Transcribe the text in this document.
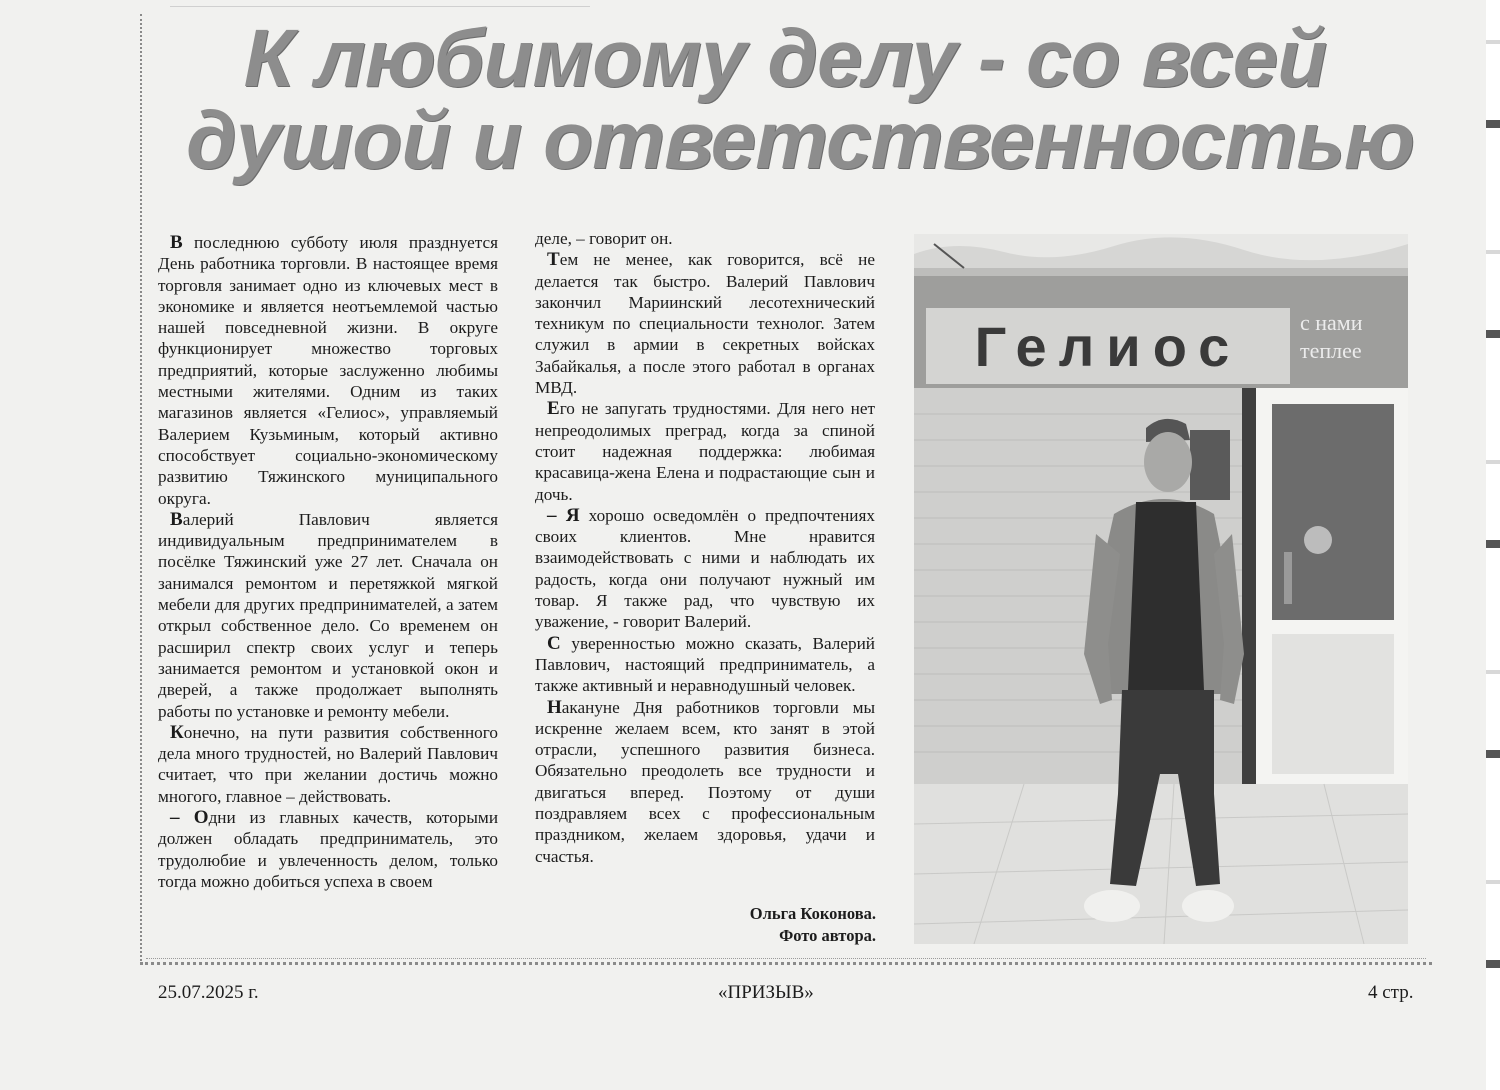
К любимому делу - со всей
душой и ответственностью

В последнюю субботу июля празднуется День работника торговли. В настоящее время торговля занимает одно из ключевых мест в экономике и является неотъемлемой частью нашей повседневной жизни. В округе функционирует множество торговых предприятий, которые заслуженно любимы местными жителями. Одним из таких магазинов является «Гелиос», управляемый Валерием Кузьминым, который активно способствует социально-экономическому развитию Тяжинского муниципального округа.

Валерий Павлович является индивидуальным предпринимателем в посёлке Тяжинский уже 27 лет. Сначала он занимался ремонтом и перетяжкой мягкой мебели для других предпринимателей, а затем открыл собственное дело. Со временем он расширил спектр своих услуг и теперь занимается ремонтом и установкой окон и дверей, а также продолжает выполнять работы по установке и ремонту мебели.

Конечно, на пути развития собственного дела много трудностей, но Валерий Павлович считает, что при желании достичь можно многого, главное – действовать.

– Одни из главных качеств, которыми должен обладать предприниматель, это трудолюбие и увлеченность делом, только тогда можно добиться успеха в своем

деле, – говорит он.

Тем не менее, как говорится, всё не делается так быстро. Валерий Павлович закончил Мариинский лесотехнический техникум по специальности технолог. Затем служил в армии в секретных войсках Забайкалья, а после этого работал в органах МВД.

Его не запугать трудностями. Для него нет непреодолимых преград, когда за спиной стоит надежная поддержка: любимая красавица-жена Елена и подрастающие сын и дочь.

– Я хорошо осведомлён о предпочтениях своих клиентов. Мне нравится взаимодействовать с ними и наблюдать их радость, когда они получают нужный им товар. Я также рад, что чувствую их уважение, - говорит Валерий.

С уверенностью можно сказать, Валерий Павлович, настоящий предприниматель, а также активный и неравнодушный человек.

Накануне Дня работников торговли мы искренне желаем всем, кто занят в этой отрасли, успешного развития бизнеса. Обязательно преодолеть все трудности и двигаться вперед. Поэтому от души поздравляем всех с профессиональным праздником, желаем здоровья, удачи и счастья.

Ольга Коконова.
Фото автора.
Гелиос	с нами
теплее
25.07.2025 г.	«ПРИЗЫВ»	4 стр.
